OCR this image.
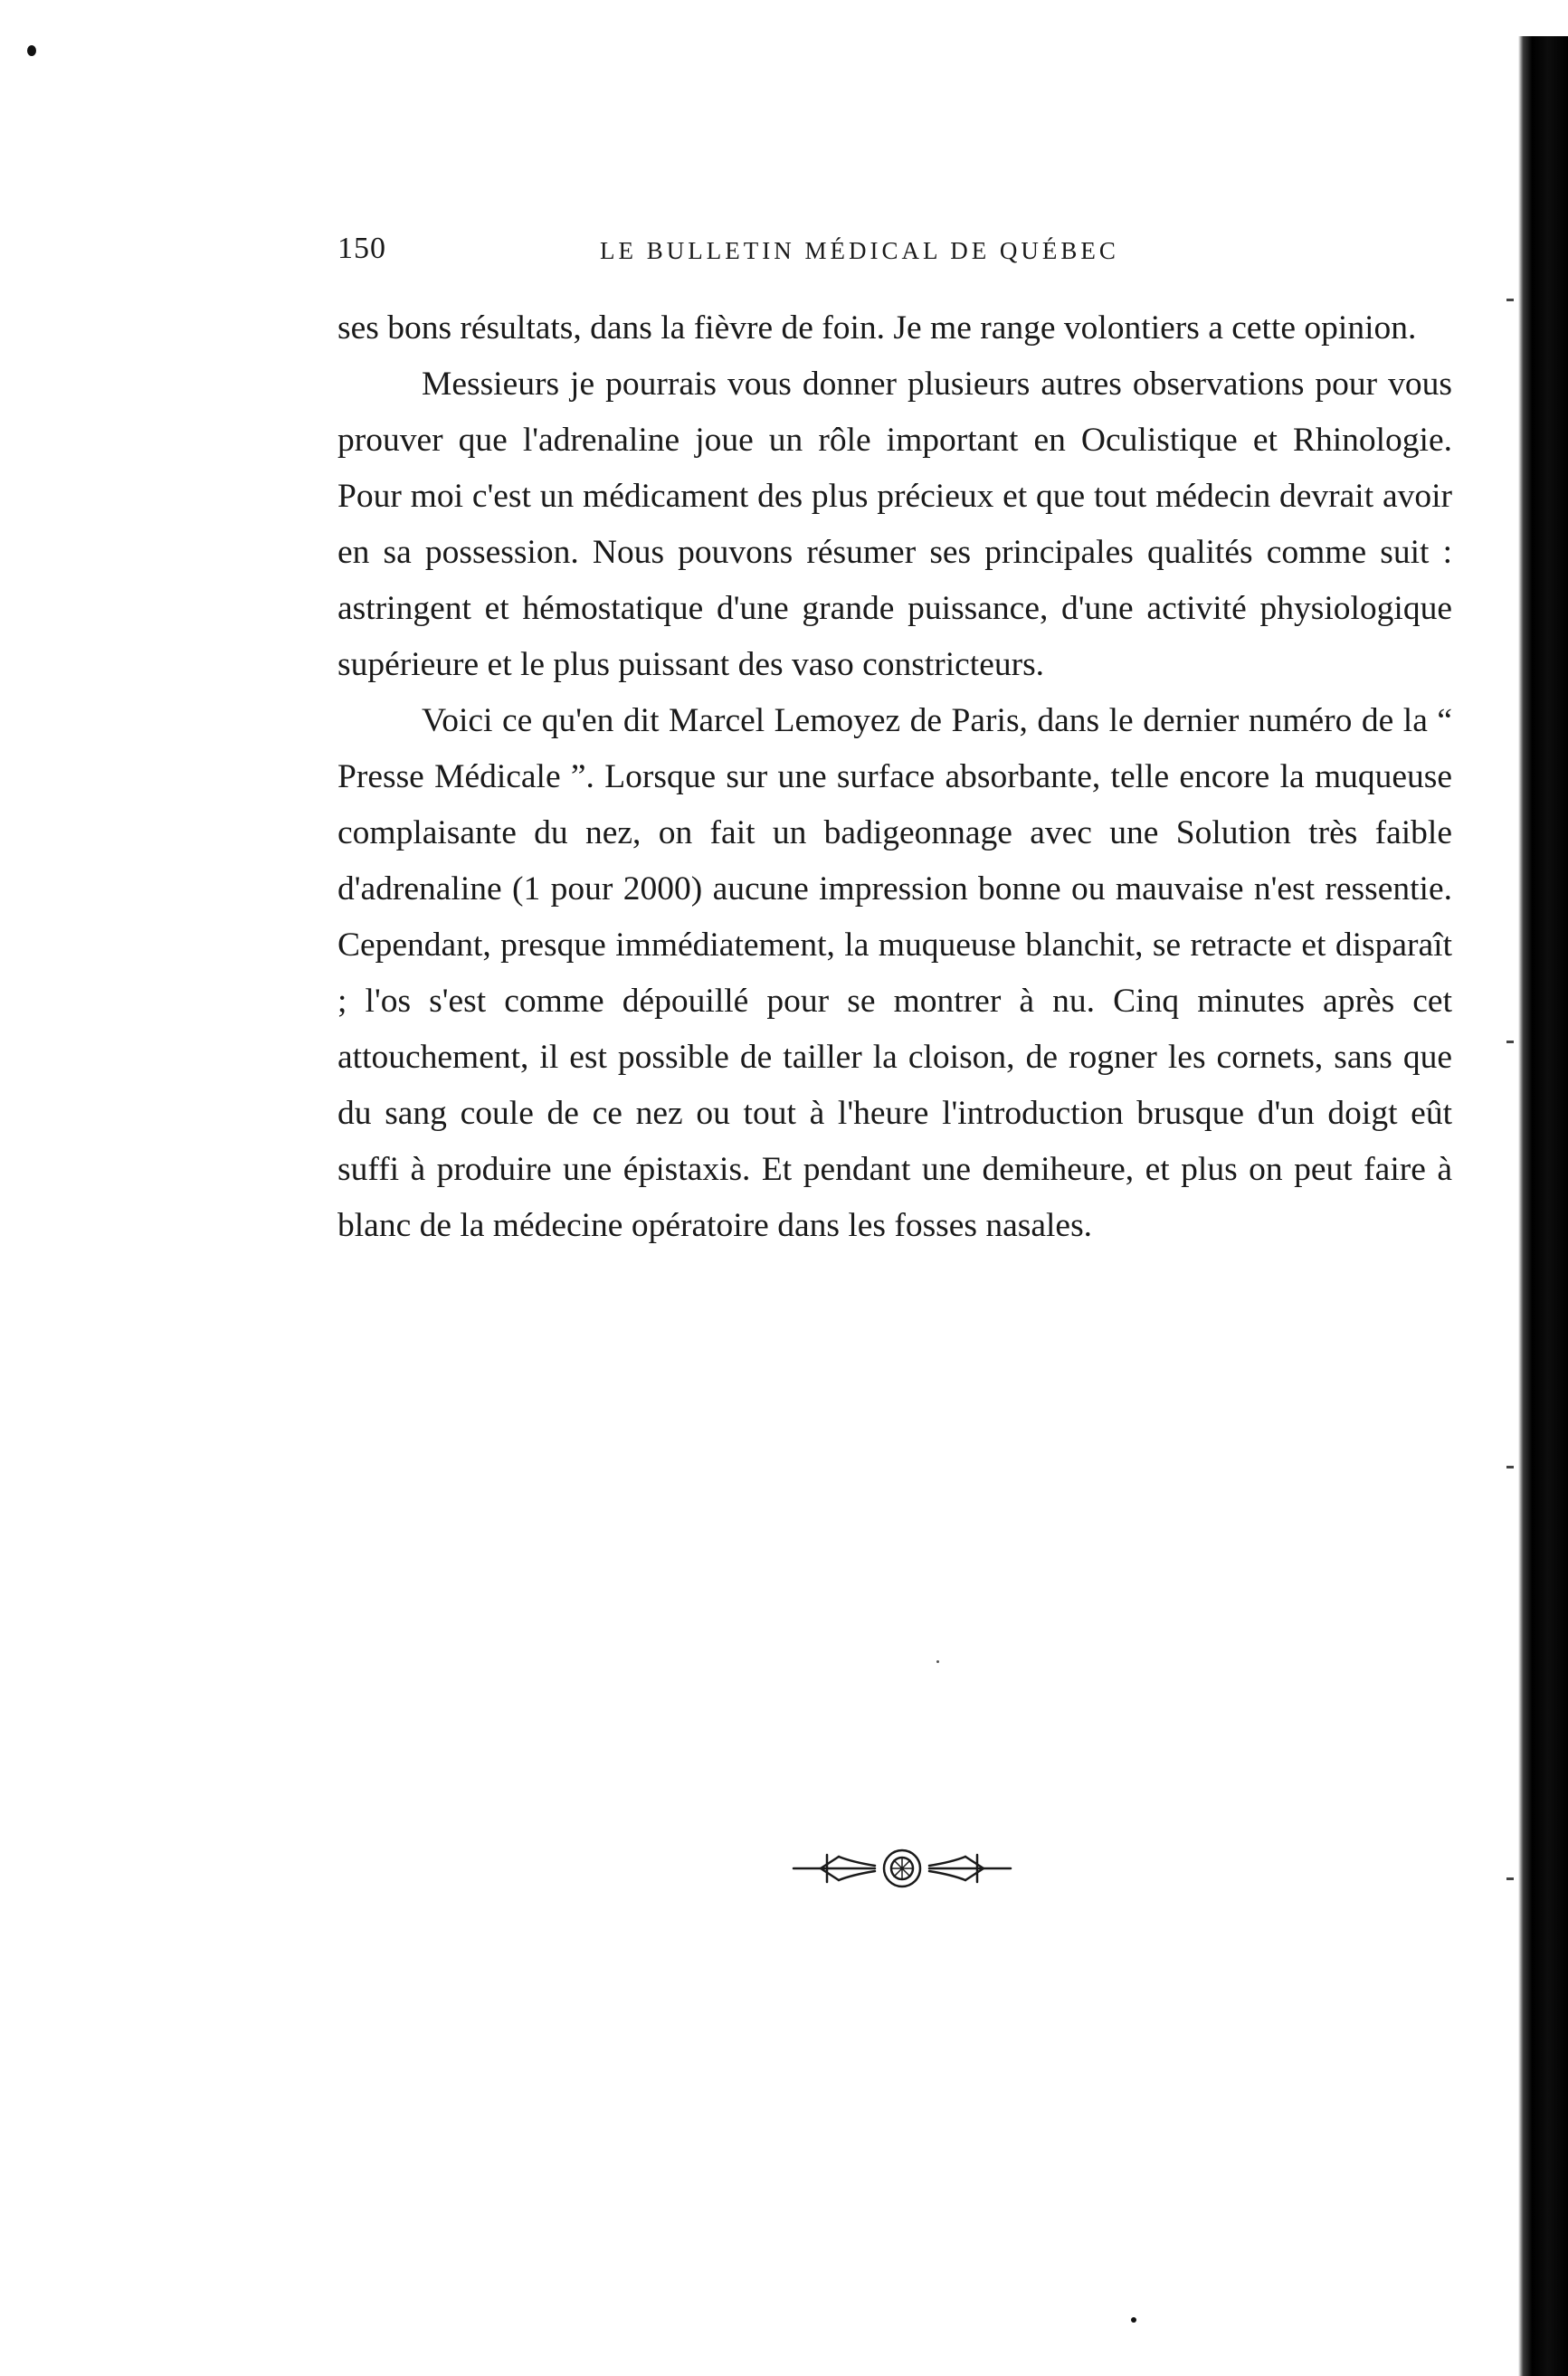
150	LE BULLETIN MÉDICAL DE QUÉBEC

ses bons résultats, dans la fièvre de foin. Je me range volontiers a cette opinion.

Messieurs je pourrais vous donner plusieurs autres observations pour vous prouver que l'adrenaline joue un rôle important en Oculistique et Rhinologie. Pour moi c'est un médicament des plus précieux et que tout médecin devrait avoir en sa possession. Nous pouvons résumer ses principales qualités comme suit : astringent et hémostatique d'une grande puissance, d'une activité physiologique supérieure et le plus puissant des vaso constricteurs.

Voici ce qu'en dit Marcel Lemoyez de Paris, dans le dernier numéro de la “ Presse Médicale ”. Lorsque sur une surface absorbante, telle encore la muqueuse complaisante du nez, on fait un badigeonnage avec une Solution très faible d'adrenaline (1 pour 2000) aucune impression bonne ou mauvaise n'est ressentie. Cependant, presque immédiatement, la muqueuse blanchit, se retracte et disparaît ; l'os s'est comme dépouillé pour se montrer à nu. Cinq minutes après cet attouchement, il est possible de tailler la cloison, de rogner les cornets, sans que du sang coule de ce nez ou tout à l'heure l'introduction brusque d'un doigt eût suffi à produire une épistaxis. Et pendant une demiheure, et plus on peut faire à blanc de la médecine opératoire dans les fosses nasales.
